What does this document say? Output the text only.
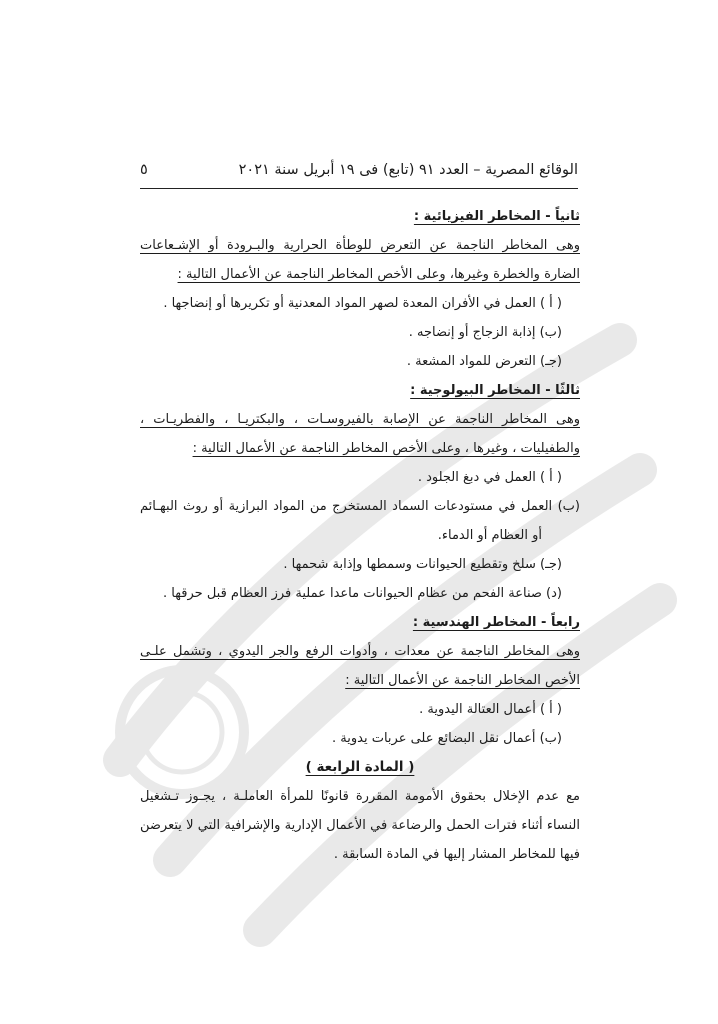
الوقائع المصرية – العدد ٩١ (تابع) فى ١٩ أبريل سنة ٢٠٢١
٥
ثانياً - المخاطر الفيزيائية :
وهى المخاطر الناجمة عن التعرض للوطأة الحرارية والبـرودة أو الإشـعاعات
الضارة والخطرة وغيرها، وعلى الأخص المخاطر الناجمة عن الأعمال التالية :
( أ ) العمل في الأفران المعدة لصهر المواد المعدنية أو تكريرها أو إنضاجها .
(ب) إذابة الزجاج أو إنضاجه .
(جـ) التعرض للمواد المشعة .
ثالثًا - المخاطر البيولوجية :
وهى المخاطر الناجمة عن الإصابة بالفيروسـات ، والبكتريـا ، والفطريـات ،
والطفيليات ، وغيرها ، وعلى الأخص المخاطر الناجمة عن الأعمال التالية :
( أ ) العمل في دبغ الجلود .
(ب) العمل في مستودعات السماد المستخرج من المواد البرازية أو روث البهـائم
أو العظام أو الدماء.
(جـ) سلخ وتقطيع الحيوانات وسمطها وإذابة شحمها .
(د) صناعة الفحم من عظام الحيوانات ماعدا عملية فرز العظام قبل حرقها .
رابعاً - المخاطر الهندسية :
وهى المخاطر الناجمة عن معدات ، وأدوات الرفع والجر اليدوي ، وتشمل علـى
الأخص المخاطر الناجمة عن الأعمال التالية :
( أ ) أعمال العتالة اليدوية .
(ب) أعمال نقل البضائع على عربات يدوية .
( المادة الرابعة )
مع عدم الإخلال بحقوق الأمومة المقررة قانونًا للمرأة العاملـة ، يجـوز تـشغيل
النساء أثناء فترات الحمل والرضاعة في الأعمال الإدارية والإشرافية التي لا يتعرضن
فيها للمخاطر المشار إليها في المادة السابقة .
